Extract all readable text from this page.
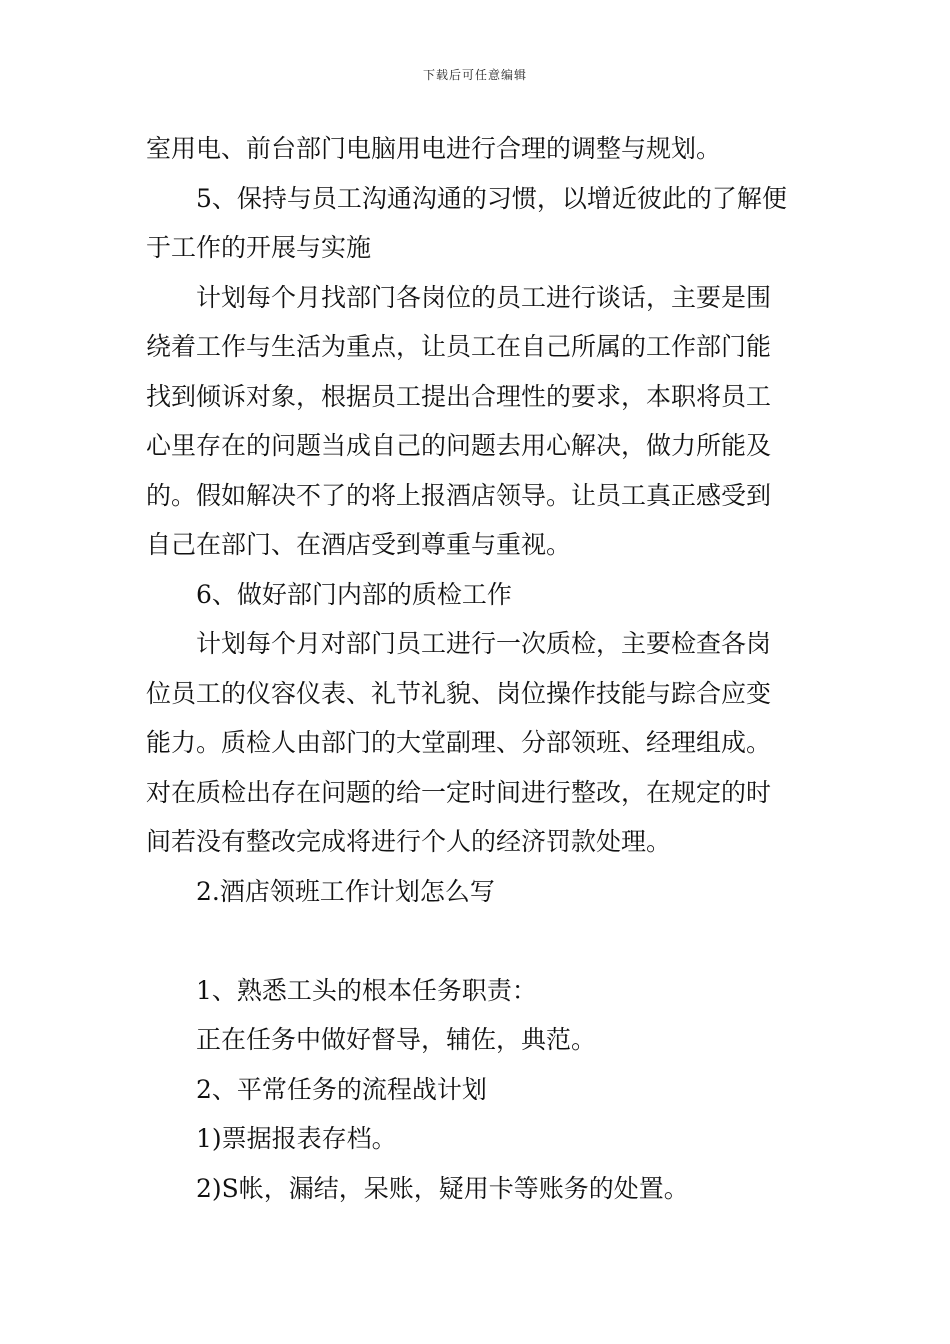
下载后可任意编辑
室用电、前台部门电脑用电进行合理的调整与规划。
5、保持与员工沟通沟通的习惯，以增近彼此的了解便
于工作的开展与实施
计划每个月找部门各岗位的员工进行谈话，主要是围
绕着工作与生活为重点，让员工在自己所属的工作部门能
找到倾诉对象，根据员工提出合理性的要求，本职将员工
心里存在的问题当成自己的问题去用心解决，做力所能及
的。假如解决不了的将上报酒店领导。让员工真正感受到
自己在部门、在酒店受到尊重与重视。
6、做好部门内部的质检工作
计划每个月对部门员工进行一次质检，主要检查各岗
位员工的仪容仪表、礼节礼貌、岗位操作技能与踪合应变
能力。质检人由部门的大堂副理、分部领班、经理组成。
对在质检出存在问题的给一定时间进行整改，在规定的时
间若没有整改完成将进行个人的经济罚款处理。
2.酒店领班工作计划怎么写
1、熟悉工头的根本任务职责：
正在任务中做好督导，辅佐，典范。
2、平常任务的流程战计划
1)票据报表存档。
2)S帐，漏结，呆账，疑用卡等账务的处置。
